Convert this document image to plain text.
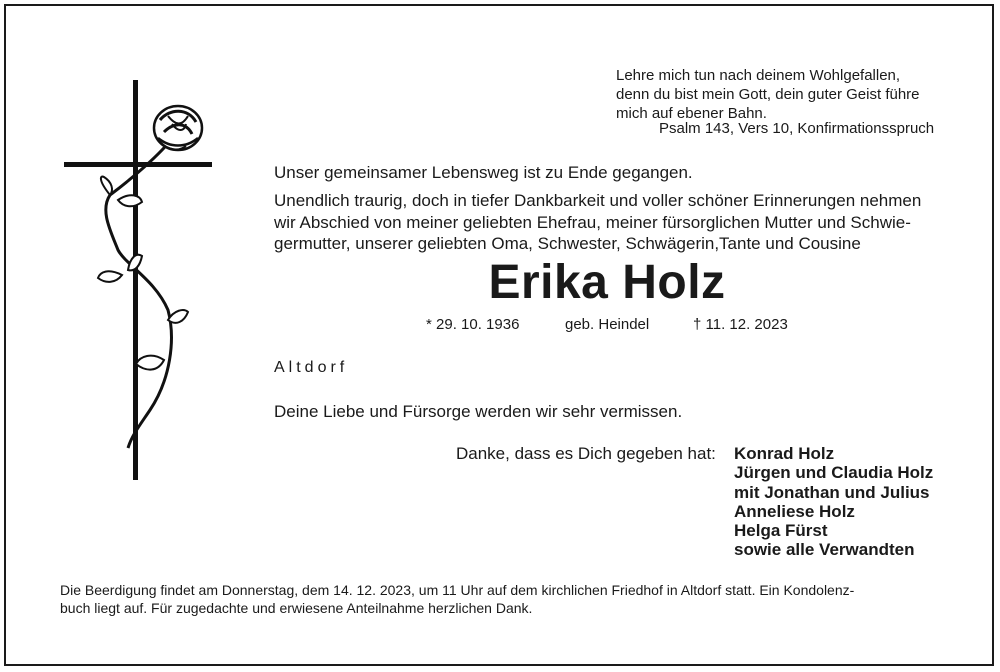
Lehre mich tun nach deinem Wohlgefallen,
denn du bist mein Gott, dein guter Geist führe
mich auf ebener Bahn.
Psalm 143, Vers 10, Konfirmationsspruch
Unser gemeinsamer Lebensweg ist zu Ende gegangen.
Unendlich traurig, doch in tiefer Dankbarkeit und voller schöner Erinnerungen nehmen
wir Abschied von meiner geliebten Ehefrau, meiner fürsorglichen Mutter und Schwie-
germutter, unserer geliebten Oma, Schwester, Schwägerin,Tante und Cousine
Erika Holz
* 29. 10. 1936	geb. Heindel	† 11. 12. 2023
Altdorf
Deine Liebe und Fürsorge werden wir sehr vermissen.
Danke, dass es Dich gegeben hat: Konrad Holz
Jürgen und Claudia Holz
mit Jonathan und Julius
Anneliese Holz
Helga Fürst
sowie alle Verwandten
Die Beerdigung findet am Donnerstag, dem 14. 12. 2023, um 11 Uhr auf dem kirchlichen Friedhof in Altdorf statt. Ein Kondolenz-
buch liegt auf. Für zugedachte und erwiesene Anteilnahme herzlichen Dank.
